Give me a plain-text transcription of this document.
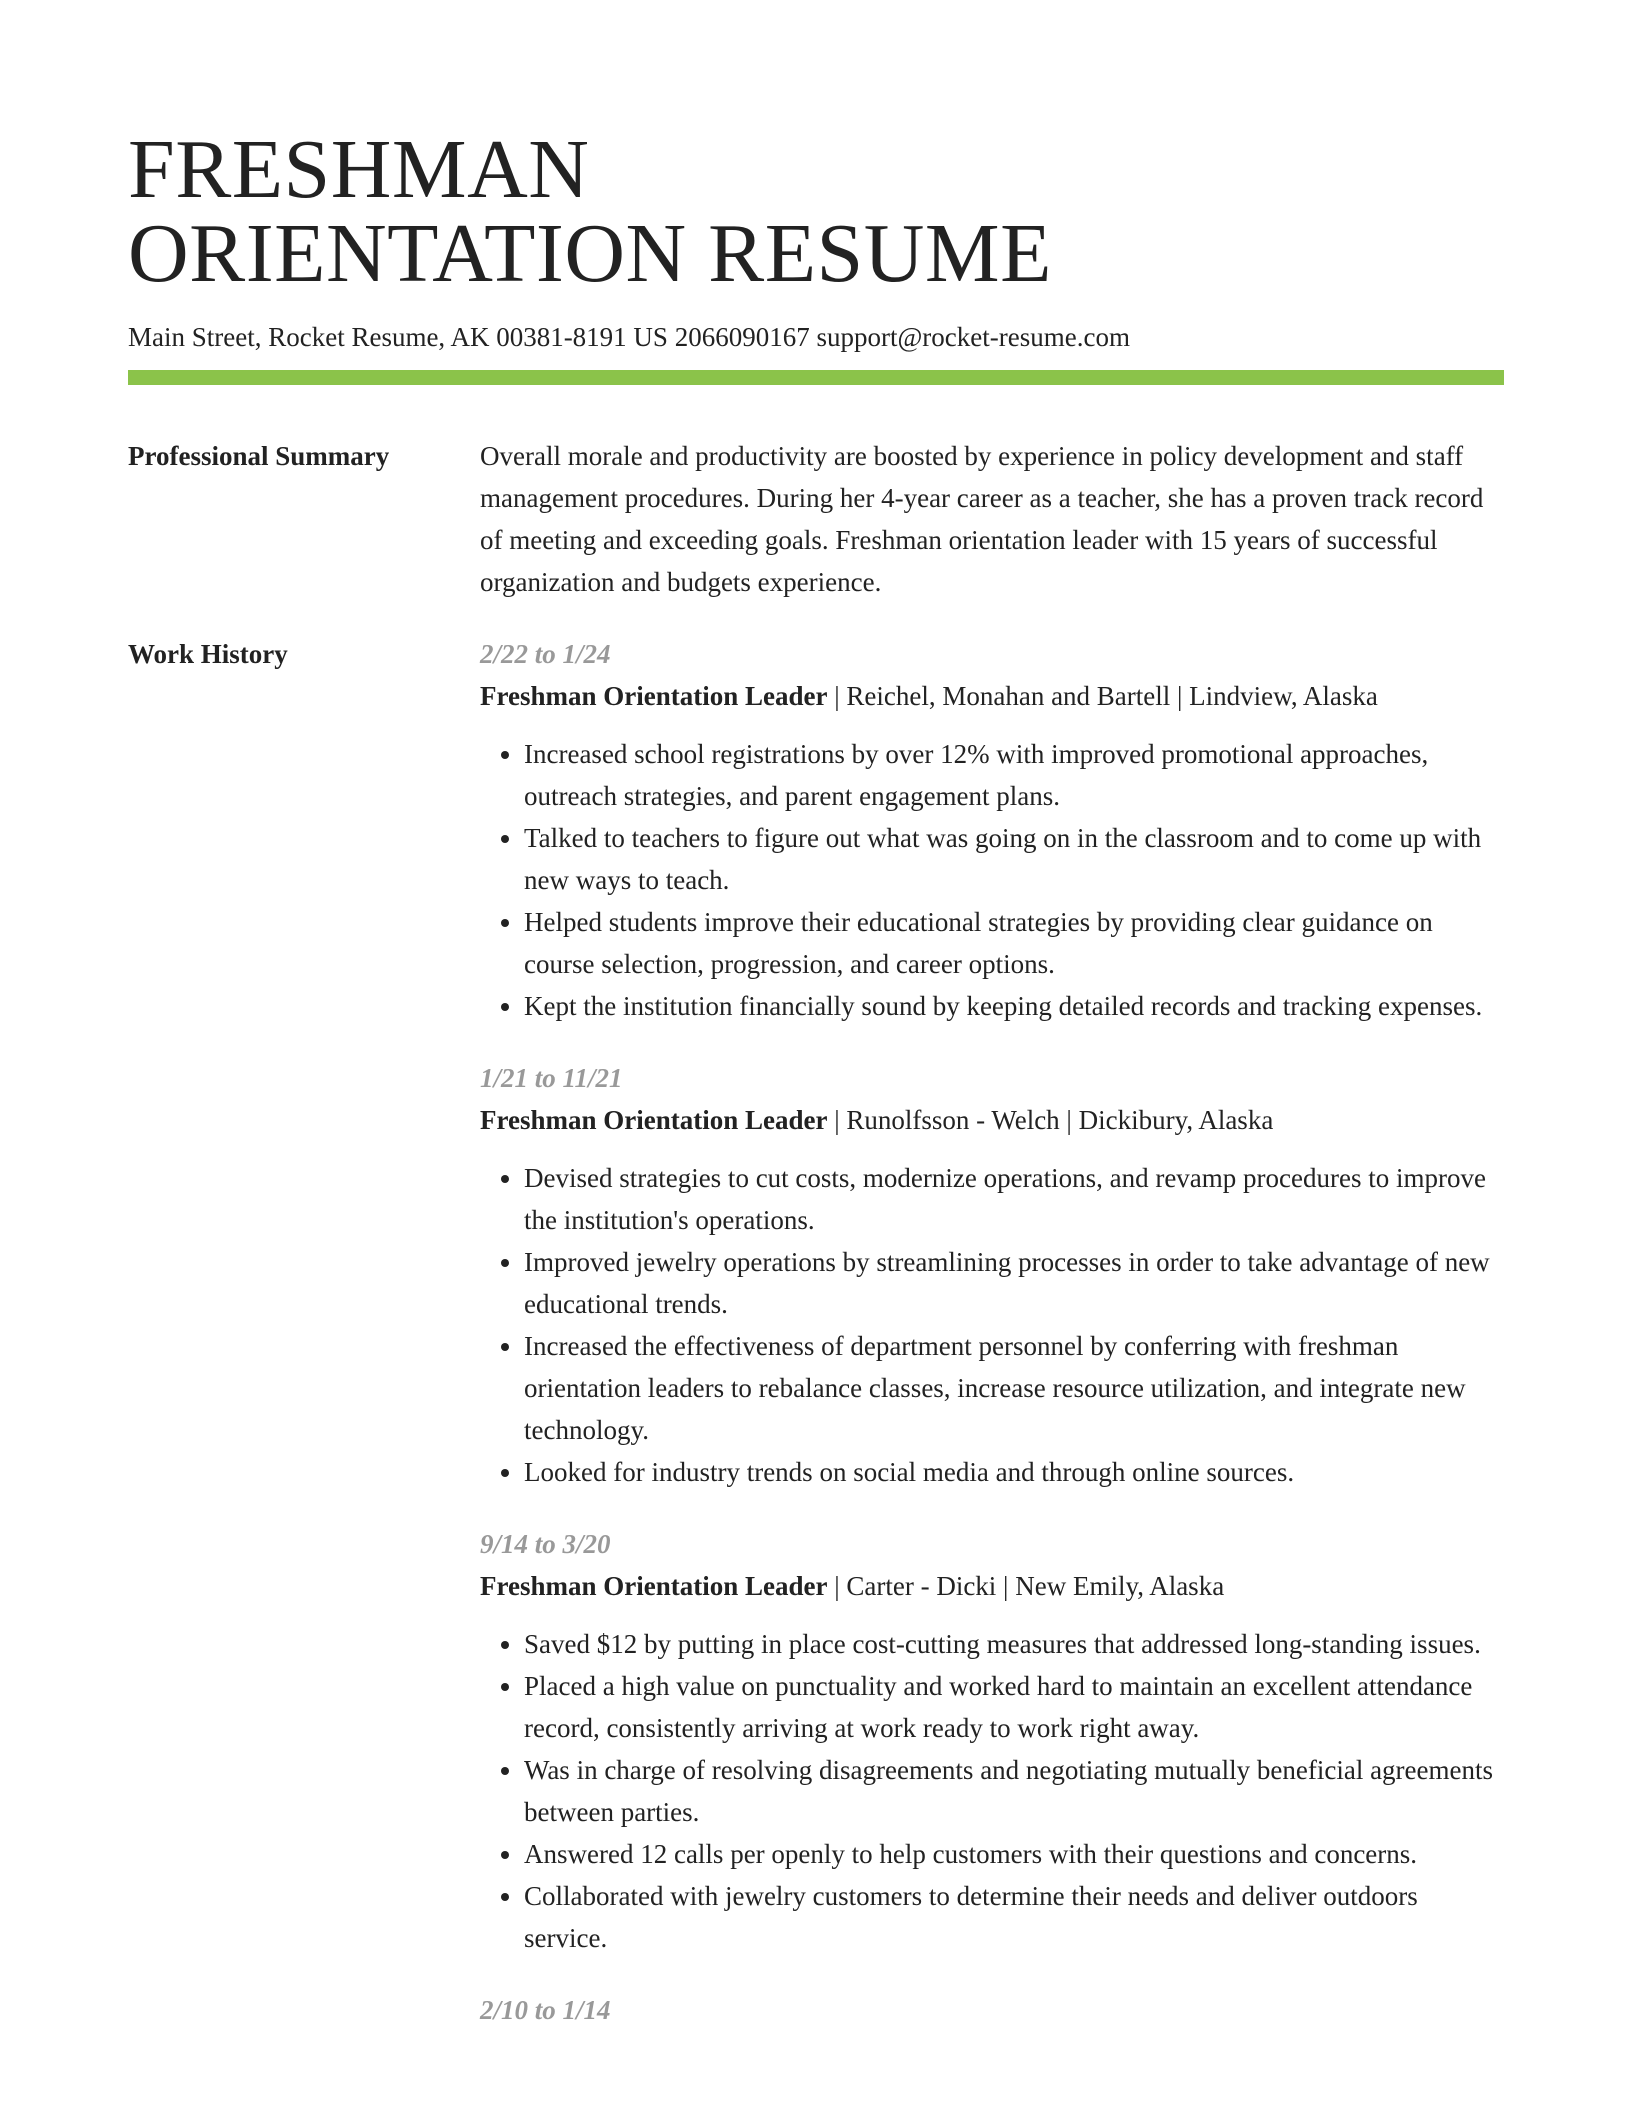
FRESHMAN
ORIENTATION RESUME
Main Street, Rocket Resume, AK 00381-8191 US 2066090167 support@rocket-resume.com
Professional Summary	Overall morale and productivity are boosted by experience in policy development and staff management procedures. During her 4-year career as a teacher, she has a proven track record of meeting and exceeding goals. Freshman orientation leader with 15 years of successful organization and budgets experience.

Work History	2/22 to 1/24

Freshman Orientation Leader | Reichel, Monahan and Bartell | Lindview, Alaska

• Increased school registrations by over 12% with improved promotional approaches, outreach strategies, and parent engagement plans.
• Talked to teachers to figure out what was going on in the classroom and to come up with new ways to teach.
• Helped students improve their educational strategies by providing clear guidance on course selection, progression, and career options.
• Kept the institution financially sound by keeping detailed records and tracking expenses.
1/21 to 11/21

Freshman Orientation Leader | Runolfsson - Welch | Dickibury, Alaska

• Devised strategies to cut costs, modernize operations, and revamp procedures to improve the institution's operations.
• Improved jewelry operations by streamlining processes in order to take advantage of new educational trends.
• Increased the effectiveness of department personnel by conferring with freshman orientation leaders to rebalance classes, increase resource utilization, and integrate new technology.
• Looked for industry trends on social media and through online sources.
9/14 to 3/20

Freshman Orientation Leader | Carter - Dicki | New Emily, Alaska

• Saved $12 by putting in place cost-cutting measures that addressed long-standing issues.
• Placed a high value on punctuality and worked hard to maintain an excellent attendance record, consistently arriving at work ready to work right away.
• Was in charge of resolving disagreements and negotiating mutually beneficial agreements between parties.
• Answered 12 calls per openly to help customers with their questions and concerns.
• Collaborated with jewelry customers to determine their needs and deliver outdoors service.
2/10 to 1/14
